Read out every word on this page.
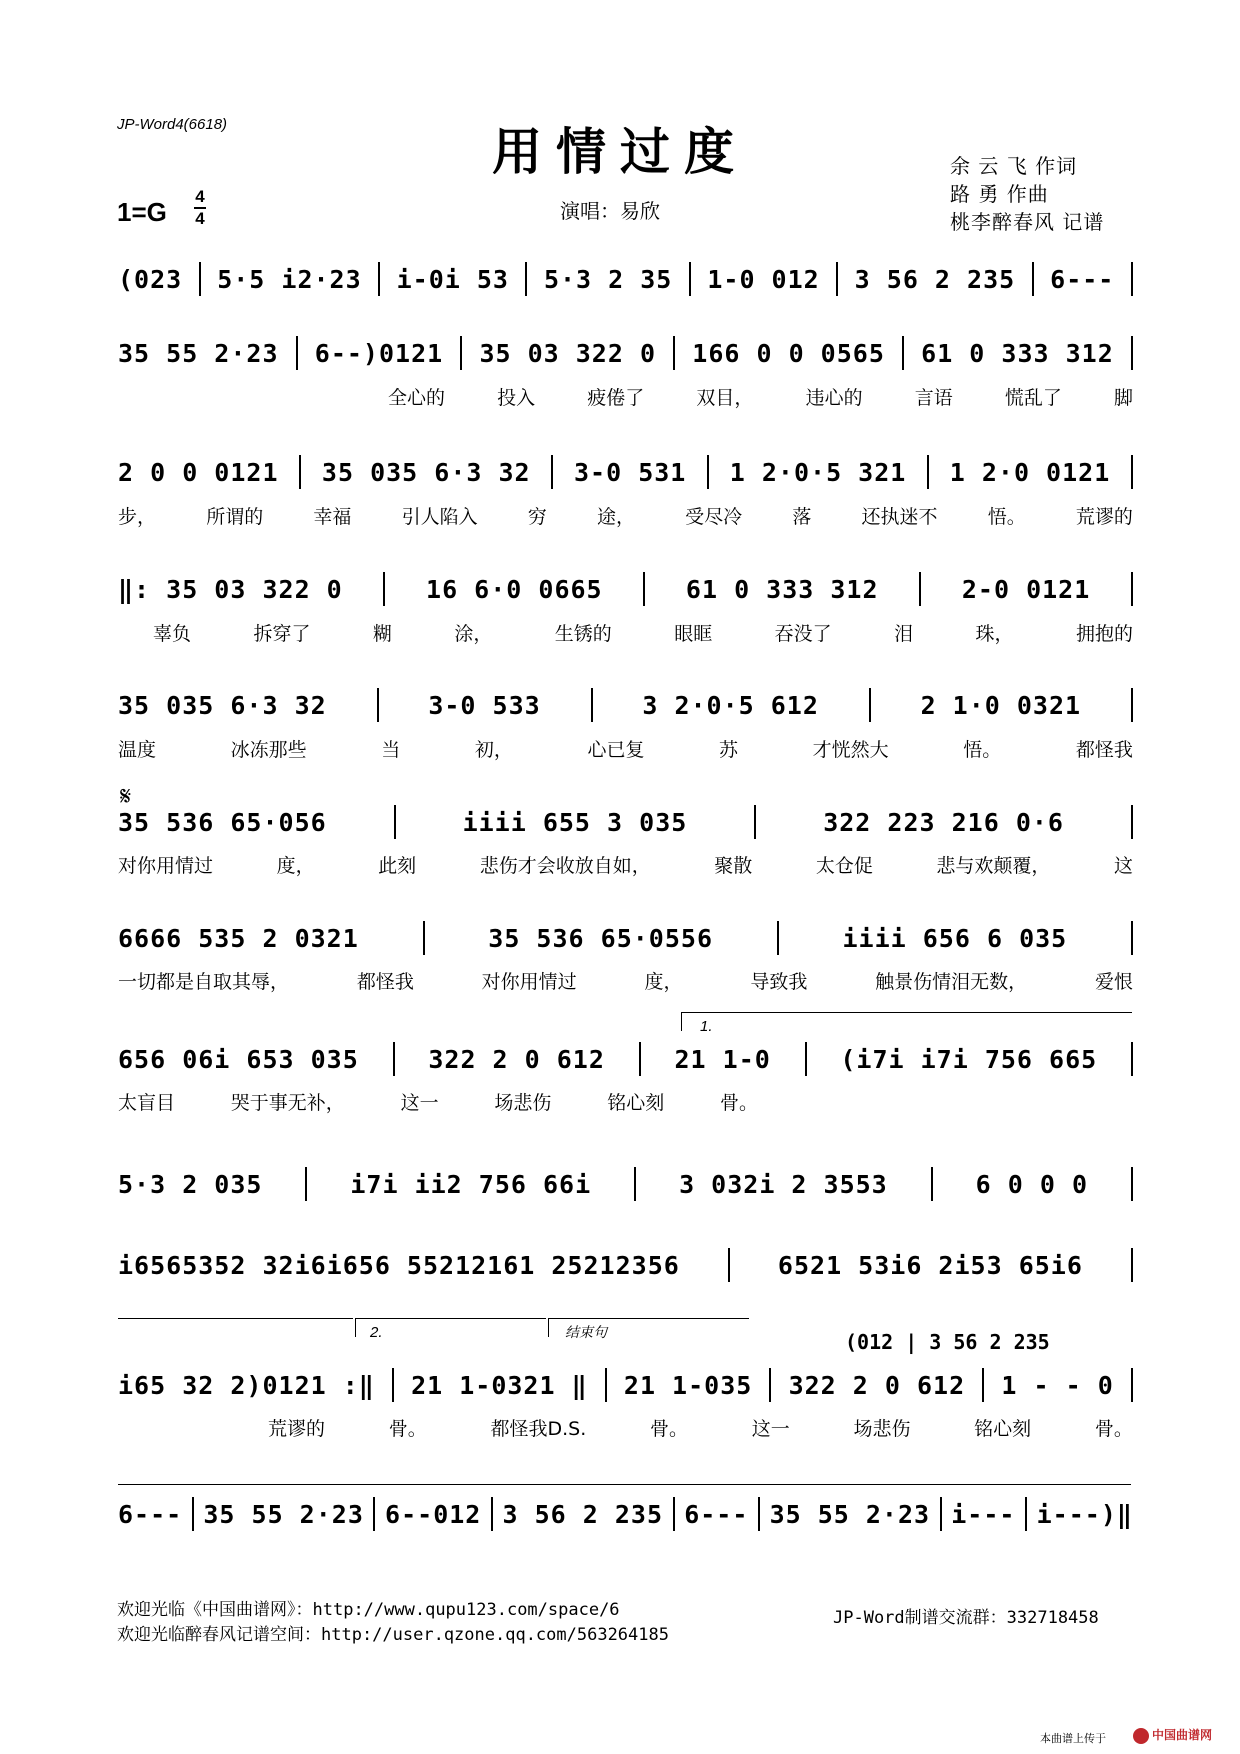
JP-Word4(6618)	用情过度
1=G
4
4	演唱：易欣
余 云 飞 作词
路 勇 作曲
桃李醉春风 记谱
(023 5·5 i2·23 i-0i 53 5·3 2 35 1-0 012 3 56 2 235 6---
35 55 2·23 6--)0121 35 03 322 0 166 0 0 0565 61 0 333 312
全心的	投入	疲倦了	双目，	违心的	言语	慌乱了	脚
2 0 0 0121 35 035 6·3 32 3-0 531 1 2·0·5 321 1 2·0 0121
步，	所谓的	幸福	引人陷入	穷	途，	受尽冷	落	还执迷不	悟。	荒谬的
‖: 35 03 322 0	16 6·0 0665	61 0 333 312	2-0 0121
辜负	拆穿了	糊	涂，	生锈的	眼眶	吞没了	泪	珠，	拥抱的
35 035 6·3 32	3-0 533	3 2·0·5 612	2 1·0 0321
温度	冰冻那些	当	初，	心已复	苏	才恍然大	悟。	都怪我
𝄋
35 536 65·056	iiii 655 3 035	322 223 216 0·6
对你用情过	度，	此刻	悲伤才会收放自如，	聚散	太仓促	悲与欢颠覆，	这
6666 535 2 0321	35 536 65·0556	iiii 656 6 035
一切都是自取其辱，	都怪我	对你用情过	度，	导致我	触景伤情泪无数，	爱恨
1.
656 06i 653 035	322 2 0 612	21 1-0	(i7i i7i 756 665
太盲目	哭于事无补，	这一	场悲伤	铭心刻	骨。
5·3 2 035	i7i ii2 756 66i	3 032i 2 3553	6 0 0 0
i6565352 32i6i656 55212161 25212356	6521 53i6 2i53 65i6
2.	结束句	(012 | 3 56 2 235
i65 32 2)0121 :‖ 21 1-0321 ‖ 21 1-035 322 2 0 612 1 - - 0
荒谬的	骨。	都怪我D.S.	骨。	这一	场悲伤	铭心刻	骨。
6--- 35 55 2·23 6--012 3 56 2 235 6--- 35 55 2·23 i--- i---)‖
欢迎光临《中国曲谱网》：http://www.qupu123.com/space/6
欢迎光临醉春风记谱空间：http://user.qzone.qq.com/563264185
JP-Word制谱交流群：332718458
本曲谱上传于	中国曲谱网
